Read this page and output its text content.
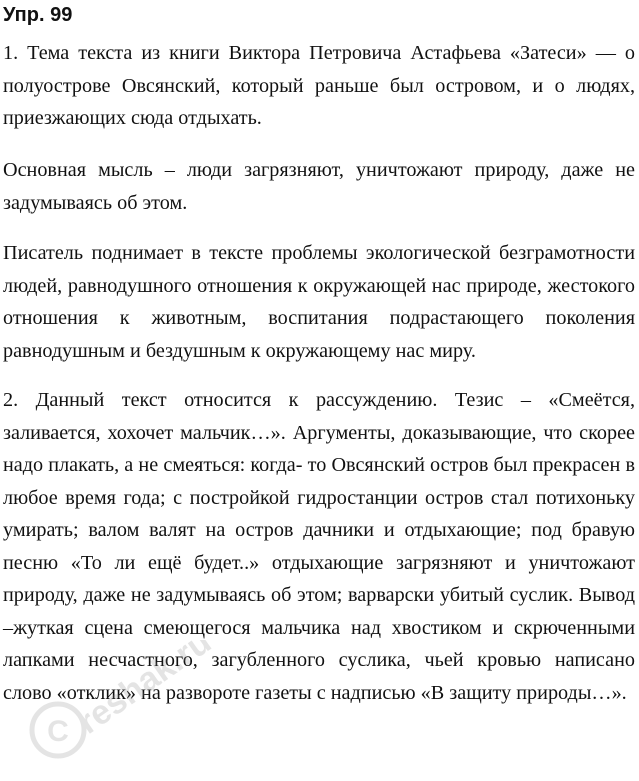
Упр. 99

1. Тема текста из книги Виктора Петровича Астафьева «Затеси» — о полуострове Овсянский, который раньше был островом, и о людях, приезжающих сюда отдыхать.

Основная мысль – люди загрязняют, уничтожают природу, даже не задумываясь об этом.

Писатель поднимает в тексте проблемы экологической безграмотности людей, равнодушного отношения к окружающей нас природе, жестокого отношения к животным, воспитания подрастающего поколения равнодушным и бездушным к окружающему нас миру.

2. Данный текст относится к рассуждению. Тезис – «Смеётся, заливается, хохочет мальчик…». Аргументы, доказывающие, что скорее надо плакать, а не смеяться: когда- то Овсянский остров был прекрасен в любое время года; с постройкой гидростанции остров стал потихоньку умирать; валом валят на остров дачники и отдыхающие; под бравую песню «То ли ещё будет..» отдыхающие загрязняют и уничтожают природу, даже не задумываясь об этом; варварски убитый суслик. Вывод –жуткая сцена смеющегося мальчика над хвостиком и скрюченными лапками несчастного, загубленного суслика, чьей кровью написано слово «отклик» на развороте газеты с надписью «В защиту природы…».

C reshak.ru
